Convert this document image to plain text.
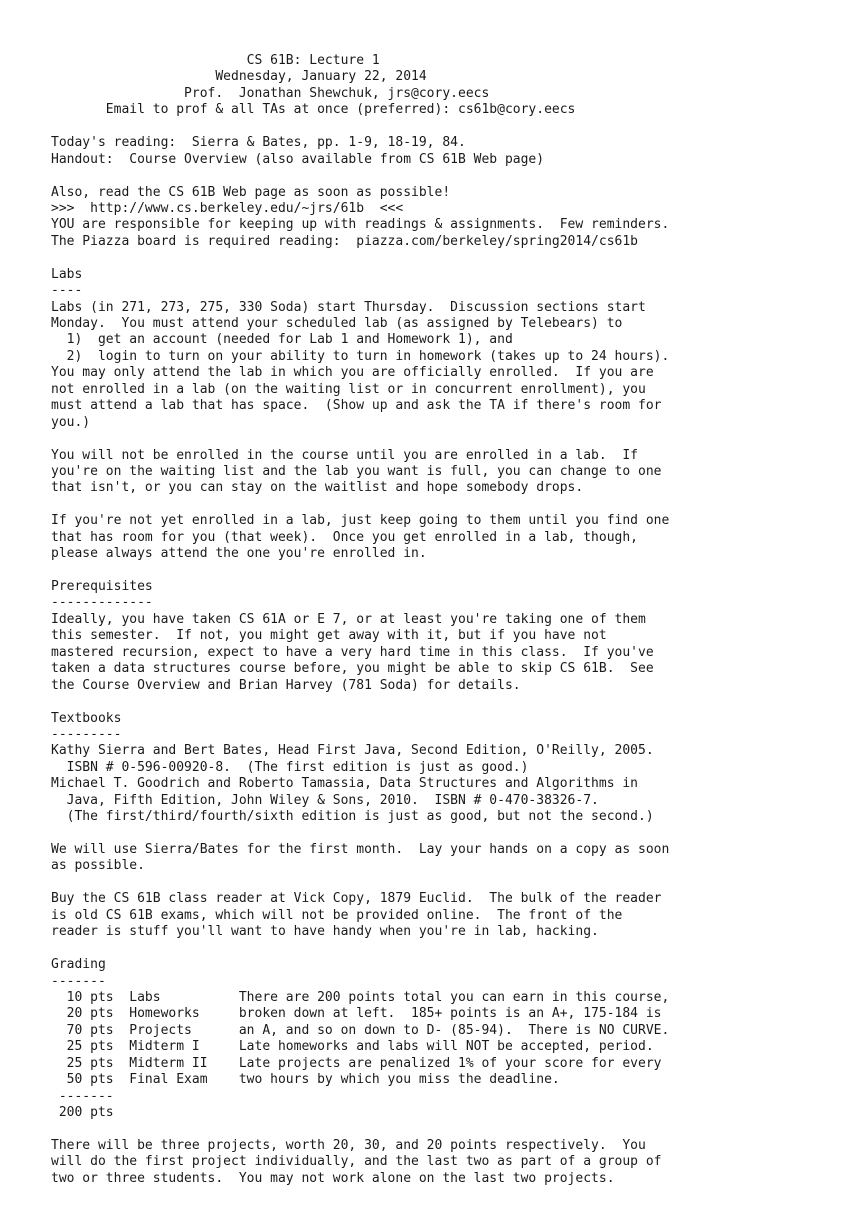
CS 61B: Lecture 1
Wednesday, January 22, 2014
Prof.  Jonathan Shewchuk, jrs@cory.eecs
Email to prof & all TAs at once (preferred): cs61b@cory.eecs
Today's reading:  Sierra & Bates, pp. 1-9, 18-19, 84.
Handout:  Course Overview (also available from CS 61B Web page)
Also, read the CS 61B Web page as soon as possible!
>>>  http://www.cs.berkeley.edu/~jrs/61b  <<<
YOU are responsible for keeping up with readings & assignments.  Few reminders.
The Piazza board is required reading:  piazza.com/berkeley/spring2014/cs61b
Labs
----
Labs (in 271, 273, 275, 330 Soda) start Thursday.  Discussion sections start
Monday.  You must attend your scheduled lab (as assigned by Telebears) to
1)  get an account (needed for Lab 1 and Homework 1), and
2)  login to turn on your ability to turn in homework (takes up to 24 hours).
You may only attend the lab in which you are officially enrolled.  If you are
not enrolled in a lab (on the waiting list or in concurrent enrollment), you
must attend a lab that has space.  (Show up and ask the TA if there's room for
you.)
You will not be enrolled in the course until you are enrolled in a lab.  If
you're on the waiting list and the lab you want is full, you can change to one
that isn't, or you can stay on the waitlist and hope somebody drops.
If you're not yet enrolled in a lab, just keep going to them until you find one
that has room for you (that week).  Once you get enrolled in a lab, though,
please always attend the one you're enrolled in.
Prerequisites
-------------
Ideally, you have taken CS 61A or E 7, or at least you're taking one of them
this semester.  If not, you might get away with it, but if you have not
mastered recursion, expect to have a very hard time in this class.  If you've
taken a data structures course before, you might be able to skip CS 61B.  See
the Course Overview and Brian Harvey (781 Soda) for details.
Textbooks
---------
Kathy Sierra and Bert Bates, Head First Java, Second Edition, O'Reilly, 2005.
ISBN # 0-596-00920-8.  (The first edition is just as good.)
Michael T. Goodrich and Roberto Tamassia, Data Structures and Algorithms in
Java, Fifth Edition, John Wiley & Sons, 2010.  ISBN # 0-470-38326-7.
(The first/third/fourth/sixth edition is just as good, but not the second.)
We will use Sierra/Bates for the first month.  Lay your hands on a copy as soon
as possible.
Buy the CS 61B class reader at Vick Copy, 1879 Euclid.  The bulk of the reader
is old CS 61B exams, which will not be provided online.  The front of the
reader is stuff you'll want to have handy when you're in lab, hacking.
Grading
-------
10 pts  Labs          There are 200 points total you can earn in this course,
20 pts  Homeworks     broken down at left.  185+ points is an A+, 175-184 is
70 pts  Projects      an A, and so on down to D- (85-94).  There is NO CURVE.
25 pts  Midterm I     Late homeworks and labs will NOT be accepted, period.
25 pts  Midterm II    Late projects are penalized 1% of your score for every
50 pts  Final Exam    two hours by which you miss the deadline.
-------
200 pts
There will be three projects, worth 20, 30, and 20 points respectively.  You
will do the first project individually, and the last two as part of a group of
two or three students.  You may not work alone on the last two projects.
